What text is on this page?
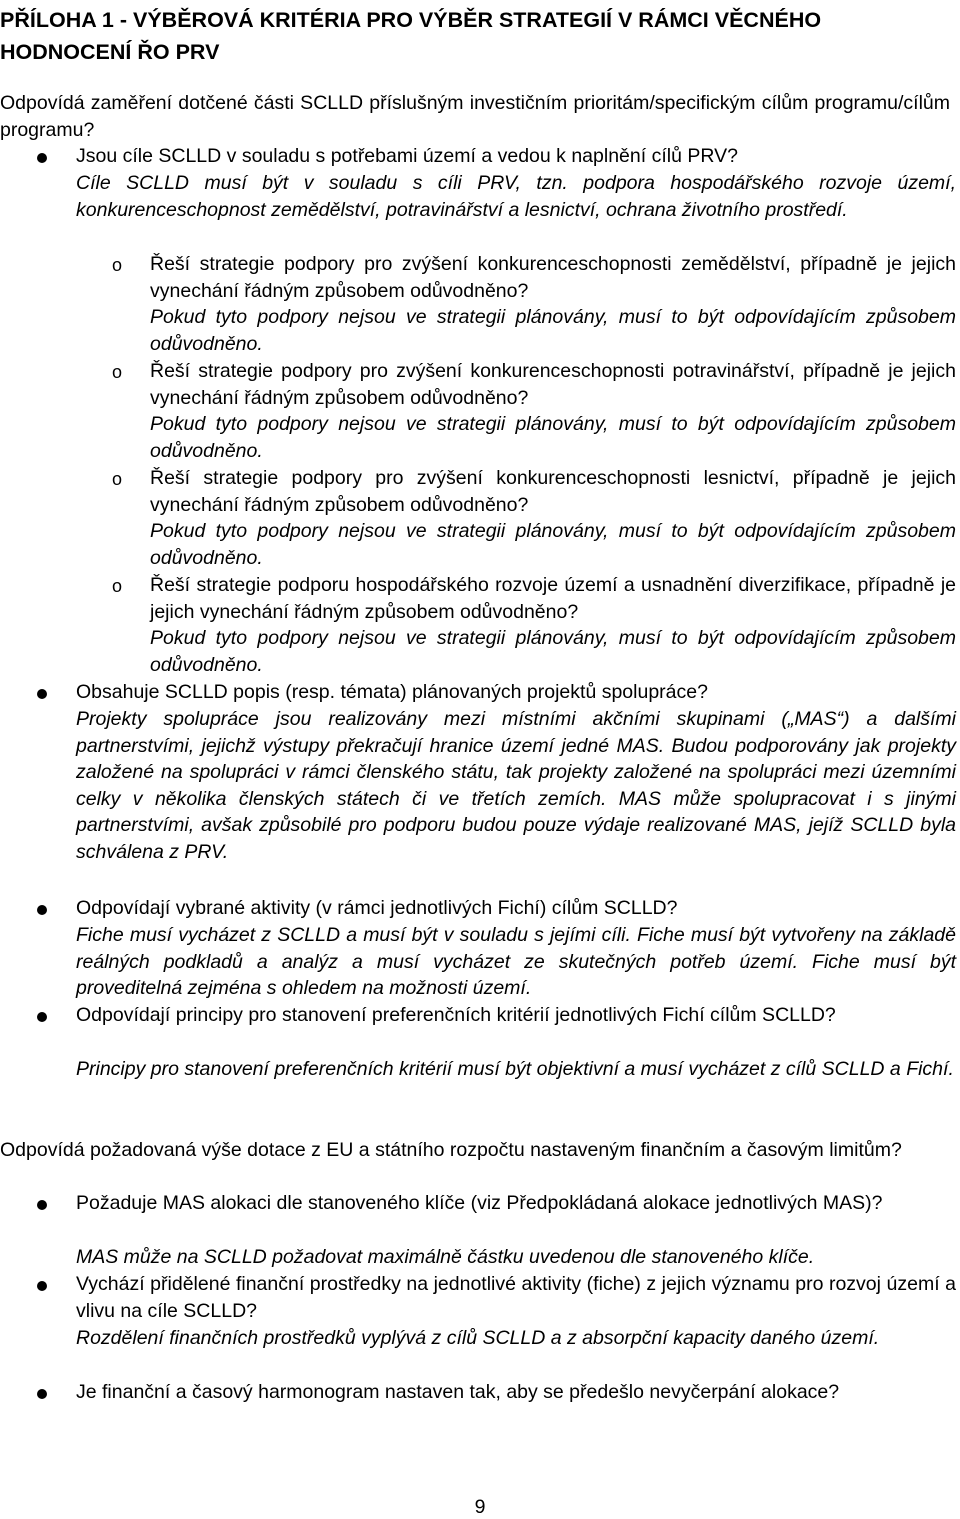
PŘÍLOHA 1 - VÝBĚROVÁ KRITÉRIA PRO VÝBĚR STRATEGIÍ V RÁMCI VĚCNÉHO
HODNOCENÍ ŘO PRV

Odpovídá zaměření dotčené části SCLLD příslušným investičním prioritám/specifickým cílům programu/cílům programu?

Jsou cíle SCLLD v souladu s potřebami území a vedou k naplnění cílů PRV?

Cíle SCLLD musí být v souladu s cíli PRV, tzn. podpora hospodářského rozvoje území, konkurenceschopnost zemědělství, potravinářství a lesnictví, ochrana životního prostředí.

o Řeší strategie podpory pro zvýšení konkurenceschopnosti zemědělství, případně je jejich vynechání řádným způsobem odůvodněno?

Pokud tyto podpory nejsou ve strategii plánovány, musí to být odpovídajícím způsobem odůvodněno.

o Řeší strategie podpory pro zvýšení konkurenceschopnosti potravinářství, případně je jejich vynechání řádným způsobem odůvodněno?

Pokud tyto podpory nejsou ve strategii plánovány, musí to být odpovídajícím způsobem odůvodněno.

o Řeší strategie podpory pro zvýšení konkurenceschopnosti lesnictví, případně je jejich vynechání řádným způsobem odůvodněno?

Pokud tyto podpory nejsou ve strategii plánovány, musí to být odpovídajícím způsobem odůvodněno.

o Řeší strategie podporu hospodářského rozvoje území a usnadnění diverzifikace, případně je jejich vynechání řádným způsobem odůvodněno?

Pokud tyto podpory nejsou ve strategii plánovány, musí to být odpovídajícím způsobem odůvodněno.

Obsahuje SCLLD popis (resp. témata) plánovaných projektů spolupráce?

Projekty spolupráce jsou realizovány mezi místními akčními skupinami („MAS“) a dalšími partnerstvími, jejichž výstupy překračují hranice území jedné MAS. Budou podporovány jak projekty založené na spolupráci v rámci členského státu, tak projekty založené na spolupráci mezi územními celky v několika členských státech či ve třetích zemích. MAS může spolupracovat i s jinými partnerstvími, avšak způsobilé pro podporu budou pouze výdaje realizované MAS, jejíž SCLLD byla schválena z PRV.

Odpovídají vybrané aktivity (v rámci jednotlivých Fichí) cílům SCLLD?

Fiche musí vycházet z SCLLD a musí být v souladu s jejími cíli. Fiche musí být vytvořeny na základě reálných podkladů a analýz a musí vycházet ze skutečných potřeb území. Fiche musí být proveditelná zejména s ohledem na možnosti území.

Odpovídají principy pro stanovení preferenčních kritérií jednotlivých Fichí cílům SCLLD?

Principy pro stanovení preferenčních kritérií musí být objektivní a musí vycházet z cílů SCLLD a Fichí.

Odpovídá požadovaná výše dotace z EU a státního rozpočtu nastaveným finančním a časovým limitům?

Požaduje MAS alokaci dle stanoveného klíče (viz Předpokládaná alokace jednotlivých MAS)?

MAS může na SCLLD požadovat maximálně částku uvedenou dle stanoveného klíče.

Vychází přidělené finanční prostředky na jednotlivé aktivity (fiche) z jejich významu pro rozvoj území a vlivu na cíle SCLLD?

Rozdělení finančních prostředků vyplývá z cílů SCLLD a z absorpční kapacity daného území.

Je finanční a časový harmonogram nastaven tak, aby se předešlo nevyčerpání alokace?

9
